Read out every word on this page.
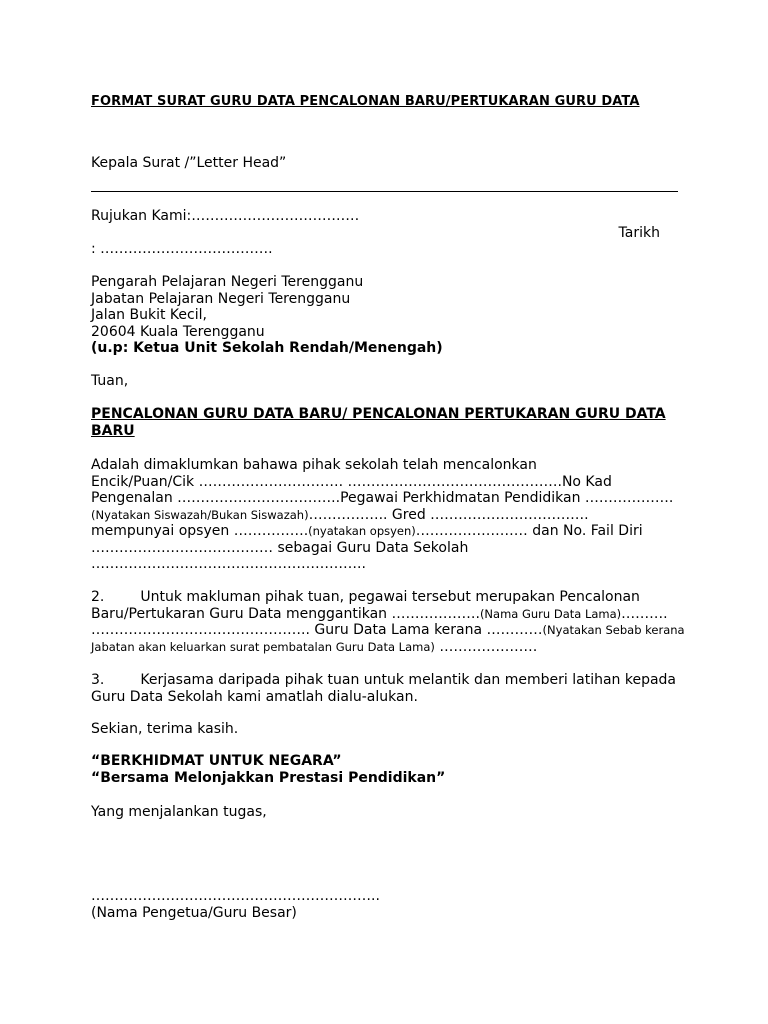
FORMAT SURAT GURU DATA PENCALONAN BARU/PERTUKARAN GURU DATA
Kepala Surat /”Letter Head”
Rujukan Kami:………………………………
Tarikh
: ……………………………….

Pengarah Pelajaran Negeri Terengganu

Jabatan Pelajaran Negeri Terengganu

Jalan Bukit Kecil,

20604 Kuala Terengganu

(u.p: Ketua Unit Sekolah Rendah/Menengah)

Tuan,

PENCALONAN GURU DATA BARU/ PENCALONAN PERTUKARAN GURU DATA

BARU

Adalah dimaklumkan bahawa pihak sekolah telah mencalonkan

Encik/Puan/Cik …………………………. ……………………………………….No Kad

Pengenalan ……………………………..Pegawai Perkhidmatan Pendidikan ……………….

(Nyatakan Siswazah/Bukan Siswazah)…………….. Gred …………………………….

mempunyai opsyen …………….(nyatakan opsyen)…………………… dan No. Fail Diri

………………………………… sebagai Guru Data Sekolah

…………………………………………………..

2.	Untuk makluman pihak tuan, pegawai tersebut merupakan Pencalonan

Baru/Pertukaran Guru Data menggantikan ……………….(Nama Guru Data Lama)……….

……………………………………….. Guru Data Lama kerana …………(Nyatakan Sebab kerana

Jabatan akan keluarkan surat pembatalan Guru Data Lama) …………………

3.	Kerjasama daripada pihak tuan untuk melantik dan memberi latihan kepada

Guru Data Sekolah kami amatlah dialu-alukan.

Sekian, terima kasih.

“BERKHIDMAT UNTUK NEGARA”

“Bersama Melonjakkan Prestasi Pendidikan”

Yang menjalankan tugas,

……………………………………………………..

(Nama Pengetua/Guru Besar)
